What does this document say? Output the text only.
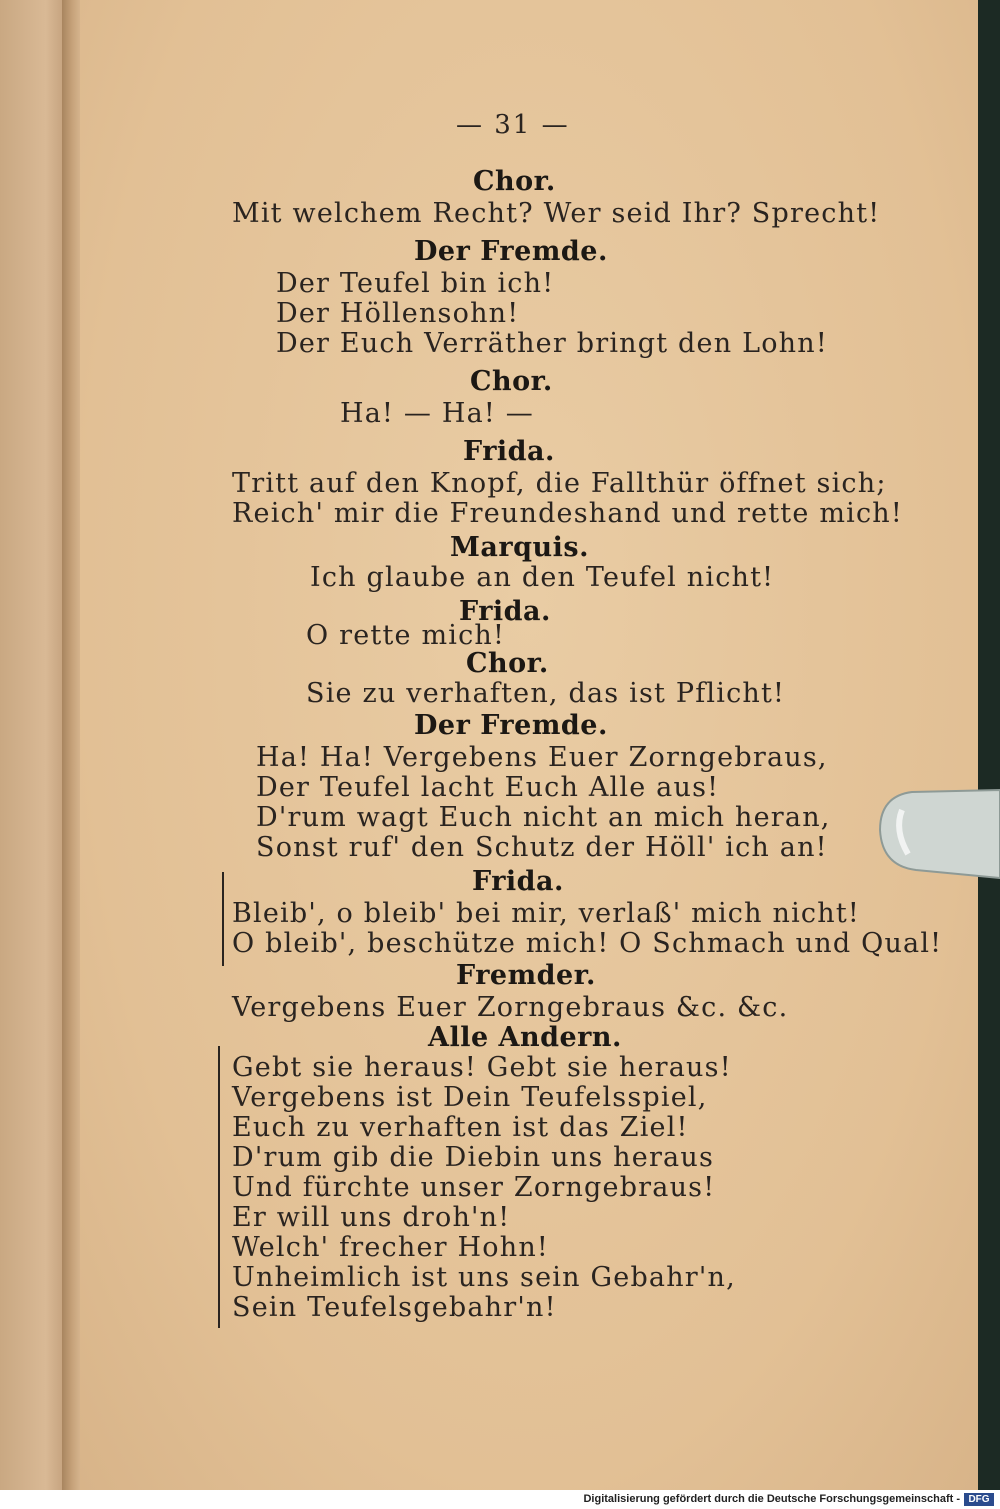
— 31 —
Chor.
Mit welchem Recht? Wer seid Ihr? Sprecht!
Der Fremde.
Der Teufel bin ich!
Der Höllensohn!
Der Euch Verräther bringt den Lohn!
Chor.
Ha! — Ha! —
Frida.
Tritt auf den Knopf, die Fallthür öffnet sich;
Reich' mir die Freundeshand und rette mich!
Marquis.
Ich glaube an den Teufel nicht!
Frida.
O rette mich!
Chor.
Sie zu verhaften, das ist Pflicht!
Der Fremde.
Ha! Ha! Vergebens Euer Zorngebraus,
Der Teufel lacht Euch Alle aus!
D'rum wagt Euch nicht an mich heran,
Sonst ruf' den Schutz der Höll' ich an!
Frida.
Bleib', o bleib' bei mir, verlaß' mich nicht!
O bleib', beschütze mich! O Schmach und Qual!
Fremder.
Vergebens Euer Zorngebraus &c. &c.
Alle Andern.
Gebt sie heraus! Gebt sie heraus!
Vergebens ist Dein Teufelsspiel,
Euch zu verhaften ist das Ziel!
D'rum gib die Diebin uns heraus
Und fürchte unser Zorngebraus!
Er will uns droh'n!
Welch' frecher Hohn!
Unheimlich ist uns sein Gebahr'n,
Sein Teufelsgebahr'n!
Digitalisierung gefördert durch die Deutsche Forschungsgemeinschaft - DFG
